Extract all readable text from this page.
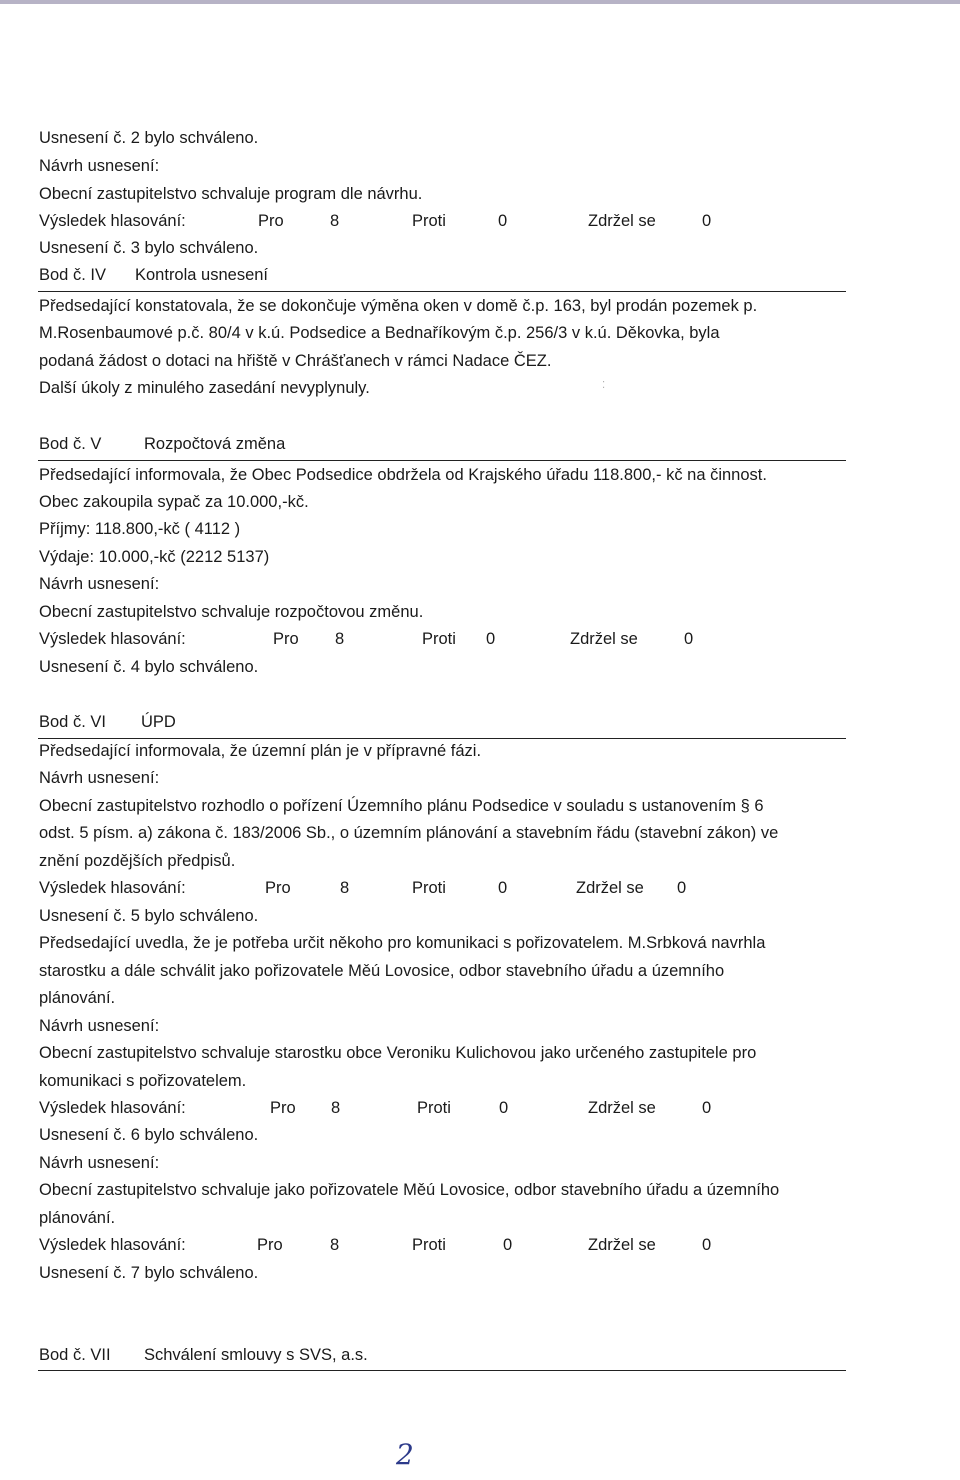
Usnesení č. 2 bylo schváleno.
Návrh usnesení:
Obecní zastupitelstvo schvaluje program dle návrhu.
Výsledek hlasování:	Pro	8	Proti	0	Zdržel se	0
Usnesení č. 3 bylo schváleno.
Bod č. IV Kontrola usnesení
Předsedající konstatovala, že se dokončuje výměna oken v domě č.p. 163, byl prodán pozemek p.
M.Rosenbaumové p.č. 80/4 v k.ú. Podsedice a Bednaříkovým č.p. 256/3 v k.ú. Děkovka, byla
podaná žádost o dotaci na hřiště v Chrášťanech v rámci Nadace ČEZ.
Další úkoly z minulého zasedání nevyplynuly.	⁚
Bod č. V	Rozpočtová změna
Předsedající informovala, že Obec Podsedice obdržela od Krajského úřadu 118.800,- kč na činnost.
Obec zakoupila sypač za 10.000,-kč.
Příjmy: 118.800,-kč ( 4112 )
Výdaje: 10.000,-kč (2212 5137)
Návrh usnesení:
Obecní zastupitelstvo schvaluje rozpočtovou změnu.
Výsledek hlasování:	Pro 8	Proti 0	Zdržel se	0
Usnesení č. 4 bylo schváleno.
Bod č. VI ÚPD
Předsedající informovala, že územní plán je v přípravné fázi.
Návrh usnesení:
Obecní zastupitelstvo rozhodlo o pořízení Územního plánu Podsedice v souladu s ustanovením § 6
odst. 5 písm. a) zákona č. 183/2006 Sb., o územním plánování a stavebním řádu (stavební zákon) ve
znění pozdějších předpisů.
Výsledek hlasování:	Pro	8	Proti	0	Zdržel se 0
Usnesení č. 5 bylo schváleno.
Předsedající uvedla, že je potřeba určit někoho pro komunikaci s pořizovatelem. M.Srbková navrhla
starostku a dále schválit jako pořizovatele Měú Lovosice, odbor stavebního úřadu a územního
plánování.
Návrh usnesení:
Obecní zastupitelstvo schvaluje starostku obce Veroniku Kulichovou jako určeného zastupitele pro
komunikaci s pořizovatelem.
Výsledek hlasování:	Pro 8	Proti	0	Zdržel se	0
Usnesení č. 6 bylo schváleno.
Návrh usnesení:
Obecní zastupitelstvo schvaluje jako pořizovatele Měú Lovosice, odbor stavebního úřadu a územního
plánování.
Výsledek hlasování:	Pro	8	Proti	0	Zdržel se	0
Usnesení č. 7 bylo schváleno.
Bod č. VII Schválení smlouvy s SVS, a.s.
2
